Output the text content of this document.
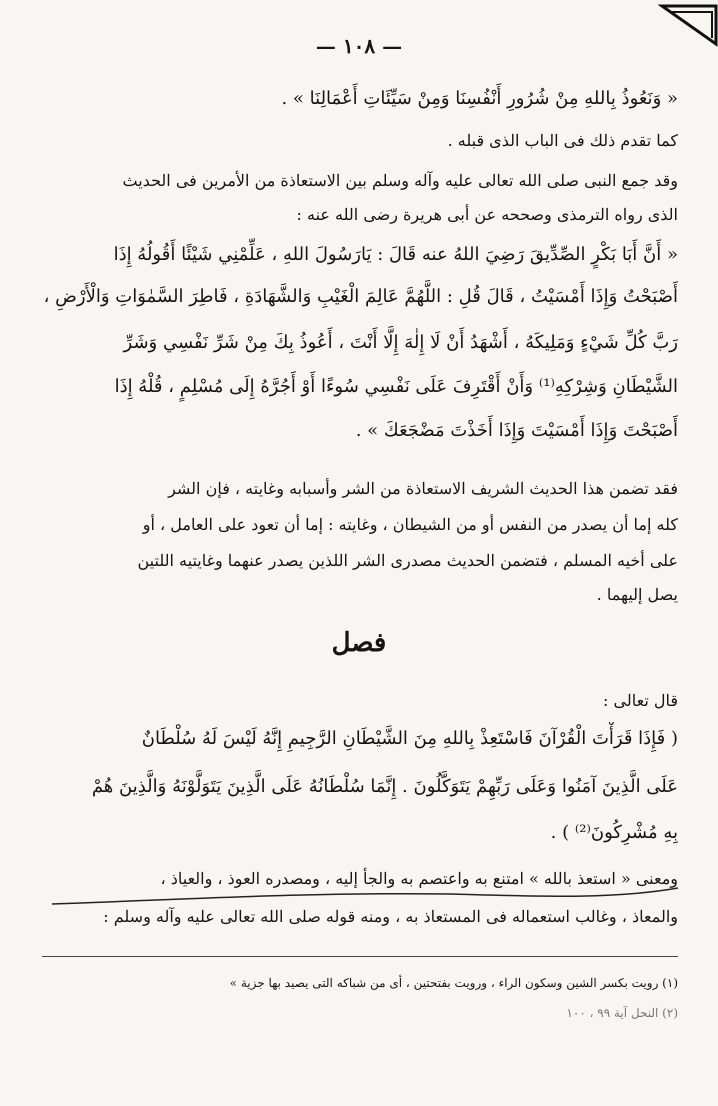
— ١٠٨ —

« وَنَعُوذُ بِاللهِ مِنْ شُرُورِ أَنْفُسِنَا وَمِنْ سَيِّئَاتِ أَعْمَالِنَا » .

كما تقدم ذلك فى الباب الذى قبله .

وقد جمع النبى صلى الله تعالى عليه وآله وسلم بين الاستعاذة من الأمرين فى الحديث

الذى رواه الترمذى وصححه عن أبى هريرة رضى الله عنه :

« أَنَّ أَبَا بَكْرٍ الصِّدِّيقَ رَضِيَ اللهُ عنه قَالَ : يَارَسُولَ اللهِ ، عَلِّمْنِي شَيْئًا أَقُولُهُ إِذَا

أَصْبَحْتُ وَإِذَا أَمْسَيْتُ ، قَالَ قُلِ : اللَّهُمَّ عَالِمَ الْغَيْبِ وَالشَّهَادَةِ ، فَاطِرَ السَّمٰوَاتِ وَالْأَرْضِ ،

رَبَّ كُلِّ شَيْءٍ وَمَلِيكَهُ ، أَشْهَدُ أَنْ لَا إِلٰهَ إِلَّا أَنْتَ ، أَعُوذُ بِكَ مِنْ شَرِّ نَفْسِي وَشَرِّ

الشَّيْطَانِ وَشِرْكِهِ⁽¹⁾ وَأَنْ أَقْتَرِفَ عَلَى نَفْسِي سُوءًا أَوْ أَجُرَّهُ إِلَى مُسْلِمٍ ، قُلْهُ إِذَا

أَصْبَحْتَ وَإِذَا أَمْسَيْتَ وَإِذَا أَخَذْتَ مَضْجَعَكَ » .

فقد تضمن هذا الحديث الشريف الاستعاذة من الشر وأسبابه وغايته ، فإن الشر

كله إما أن يصدر من النفس أو من الشيطان ، وغايته : إما أن تعود على العامل ، أو

على أخيه المسلم ، فتضمن الحديث مصدرى الشر اللذين يصدر عنهما وغايتيه اللتين

يصل إليهما .

فصل

قال تعالى :

( فَإِذَا قَرَأْتَ الْقُرْآنَ فَاسْتَعِذْ بِاللهِ مِنَ الشَّيْطَانِ الرَّجِيمِ إِنَّهُ لَيْسَ لَهُ سُلْطَانٌ

عَلَى الَّذِينَ آمَنُوا وَعَلَى رَبِّهِمْ يَتَوَكَّلُونَ . إِنَّمَا سُلْطَانُهُ عَلَى الَّذِينَ يَتَوَلَّوْنَهُ وَالَّذِينَ هُمْ

بِهِ مُشْرِكُونَ⁽²⁾ ) .

ومعنى « استعذ بالله » امتنع به واعتصم به والجأ إليه ، ومصدره العوذ ، والعياذ ،

والمعاذ ، وغالب استعماله فى المستعاذ به ، ومنه قوله صلى الله تعالى عليه وآله وسلم :

(١) رويت بكسر الشين وسكون الراء ، ورويت بفتحتين ، أى من شباكه التى يصيد بها جزية »
(٢) النحل آية ٩٩ ، ١٠٠
